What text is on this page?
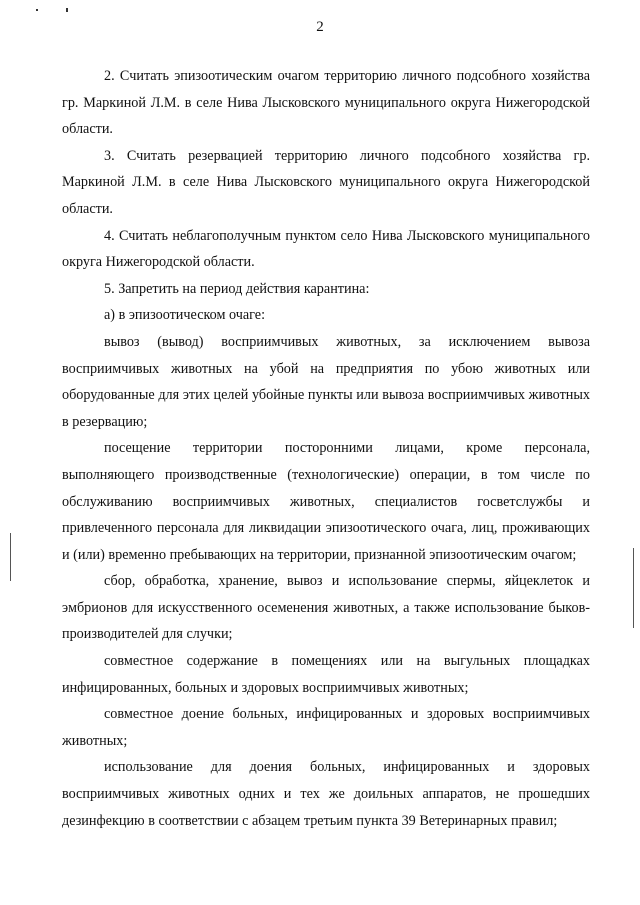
2

2. Считать эпизоотическим очагом территорию личного подсобного хозяйства гр. Маркиной Л.М. в селе Нива Лысковского муниципального округа Нижегородской области.

3. Считать резервацией территорию личного подсобного хозяйства гр. Маркиной Л.М. в селе Нива Лысковского муниципального округа Нижегородской области.

4. Считать неблагополучным пунктом село Нива Лысковского муниципального округа Нижегородской области.

5. Запретить на период действия карантина:

а) в эпизоотическом очаге:

вывоз (вывод) восприимчивых животных, за исключением вывоза восприимчивых животных на убой на предприятия по убою животных или оборудованные для этих целей убойные пункты или вывоза восприимчивых животных в резервацию;

посещение территории посторонними лицами, кроме персонала, выполняющего производственные (технологические) операции, в том числе по обслуживанию восприимчивых животных, специалистов госветслужбы и привлеченного персонала для ликвидации эпизоотического очага, лиц, проживающих и (или) временно пребывающих на территории, признанной эпизоотическим очагом;

сбор, обработка, хранение, вывоз и использование спермы, яйцеклеток и эмбрионов для искусственного осеменения животных, а также использование быков-производителей для случки;

совместное содержание в помещениях или на выгульных площадках инфицированных, больных и здоровых восприимчивых животных;

совместное доение больных, инфицированных и здоровых восприимчивых животных;

использование для доения больных, инфицированных и здоровых восприимчивых животных одних и тех же доильных аппаратов, не прошедших дезинфекцию в соответствии с абзацем третьим пункта 39 Ветеринарных правил;
